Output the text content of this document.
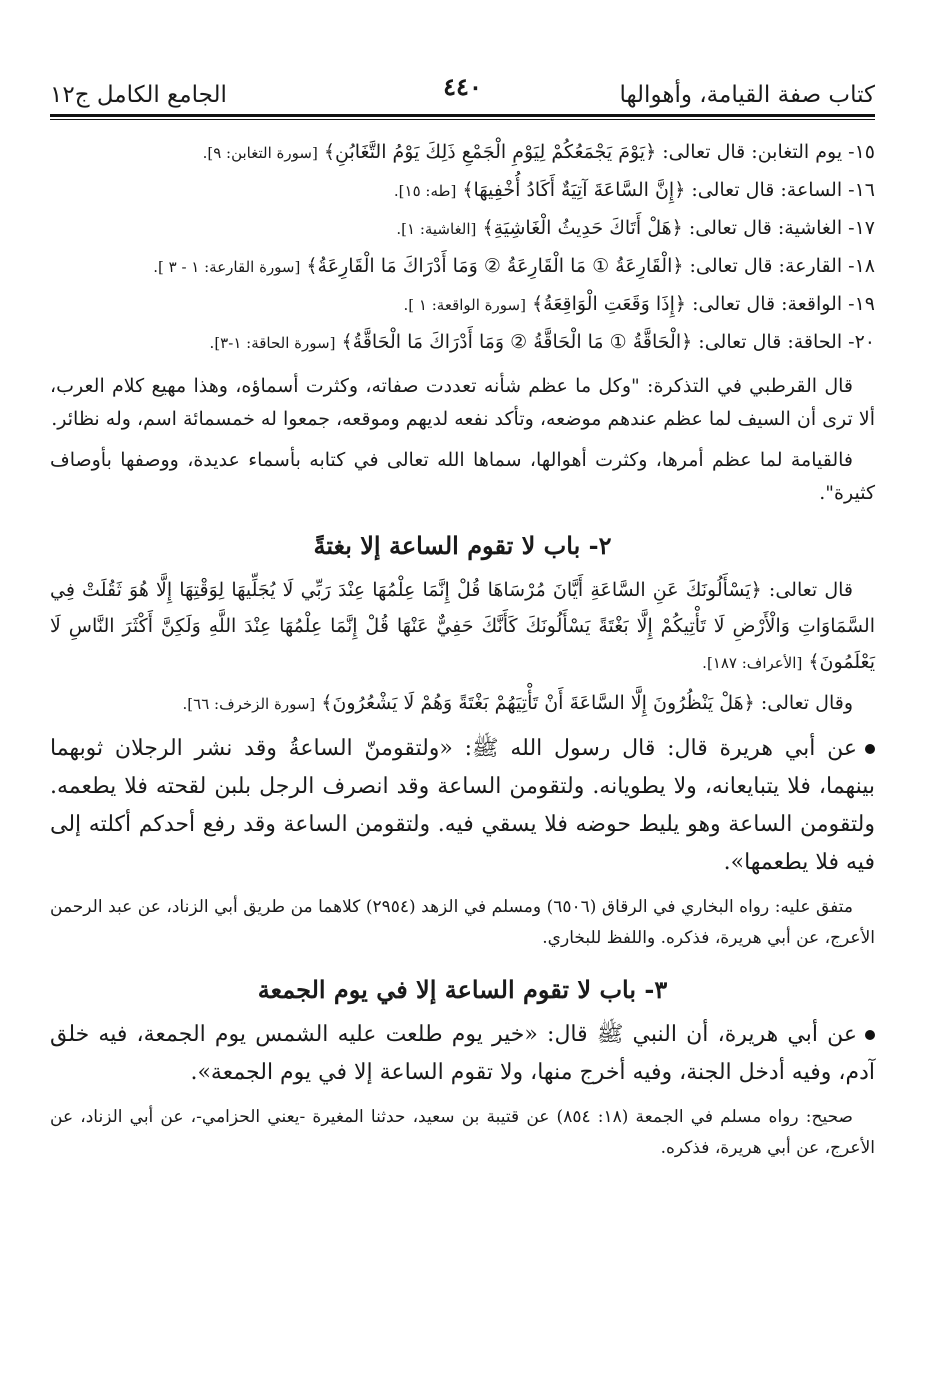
كتاب صفة القيامة، وأهوالها
٤٤٠
الجامع الكامل ج١٢
١٥- يوم التغابن: قال تعالى: ﴿يَوْمَ يَجْمَعُكُمْ لِيَوْمِ الْجَمْعِ ذَلِكَ يَوْمُ التَّغَابُنِ﴾ [سورة التغابن: ٩].
١٦- الساعة: قال تعالى: ﴿إِنَّ السَّاعَةَ آتِيَةٌ أَكَادُ أُخْفِيهَا﴾ [طه: ١٥].
١٧- الغاشية: قال تعالى: ﴿هَلْ أَتَاكَ حَدِيثُ الْغَاشِيَةِ﴾ [الغاشية: ١].
١٨- القارعة: قال تعالى: ﴿الْقَارِعَةُ ① مَا الْقَارِعَةُ ② وَمَا أَدْرَاكَ مَا الْقَارِعَةُ﴾ [سورة القارعة: ١ - ٣ ].
١٩- الواقعة: قال تعالى: ﴿إِذَا وَقَعَتِ الْوَاقِعَةُ﴾ [سورة الواقعة: ١ ].
٢٠- الحاقة: قال تعالى: ﴿الْحَاقَّةُ ① مَا الْحَاقَّةُ ② وَمَا أَدْرَاكَ مَا الْحَاقَّةُ﴾ [سورة الحاقة: ١-٣].

قال القرطبي في التذكرة: "وكل ما عظم شأنه تعددت صفاته، وكثرت أسماؤه، وهذا مهيع كلام العرب، ألا ترى أن السيف لما عظم عندهم موضعه، وتأكد نفعه لديهم وموقعه، جمعوا له خمسمائة اسم، وله نظائر.

فالقيامة لما عظم أمرها، وكثرت أهوالها، سماها الله تعالى في كتابه بأسماء عديدة، ووصفها بأوصاف كثيرة".

٢- باب لا تقوم الساعة إلا بغتةً

قال تعالى: ﴿يَسْأَلُونَكَ عَنِ السَّاعَةِ أَيَّانَ مُرْسَاهَا قُلْ إِنَّمَا عِلْمُهَا عِنْدَ رَبِّي لَا يُجَلِّيهَا لِوَقْتِهَا إِلَّا هُوَ ثَقُلَتْ فِي السَّمَاوَاتِ وَالْأَرْضِ لَا تَأْتِيكُمْ إِلَّا بَغْتَةً يَسْأَلُونَكَ كَأَنَّكَ حَفِيٌّ عَنْهَا قُلْ إِنَّمَا عِلْمُهَا عِنْدَ اللَّهِ وَلَكِنَّ أَكْثَرَ النَّاسِ لَا يَعْلَمُونَ﴾ [الأعراف: ١٨٧].

وقال تعالى: ﴿هَلْ يَنْظُرُونَ إِلَّا السَّاعَةَ أَنْ تَأْتِيَهُمْ بَغْتَةً وَهُمْ لَا يَشْعُرُونَ﴾ [سورة الزخرف: ٦٦].

عن أبي هريرة قال: قال رسول الله ﷺ: «ولتقومنّ الساعةُ وقد نشر الرجلان ثوبهما بينهما، فلا يتبايعانه، ولا يطويانه. ولتقومن الساعة وقد انصرف الرجل بلبن لقحته فلا يطعمه. ولتقومن الساعة وهو يليط حوضه فلا يسقي فيه. ولتقومن الساعة وقد رفع أحدكم أكلته إلى فيه فلا يطعمها».

متفق عليه: رواه البخاري في الرقاق (٦٥٠٦) ومسلم في الزهد (٢٩٥٤) كلاهما من طريق أبي الزناد، عن عبد الرحمن الأعرج، عن أبي هريرة، فذكره. واللفظ للبخاري.

٣- باب لا تقوم الساعة إلا في يوم الجمعة

عن أبي هريرة، أن النبي ﷺ قال: «خير يوم طلعت عليه الشمس يوم الجمعة، فيه خلق آدم، وفيه أدخل الجنة، وفيه أخرج منها، ولا تقوم الساعة إلا في يوم الجمعة».

صحيح: رواه مسلم في الجمعة (١٨: ٨٥٤) عن قتيبة بن سعيد، حدثنا المغيرة -يعني الحزامي-، عن أبي الزناد، عن الأعرج، عن أبي هريرة، فذكره.
